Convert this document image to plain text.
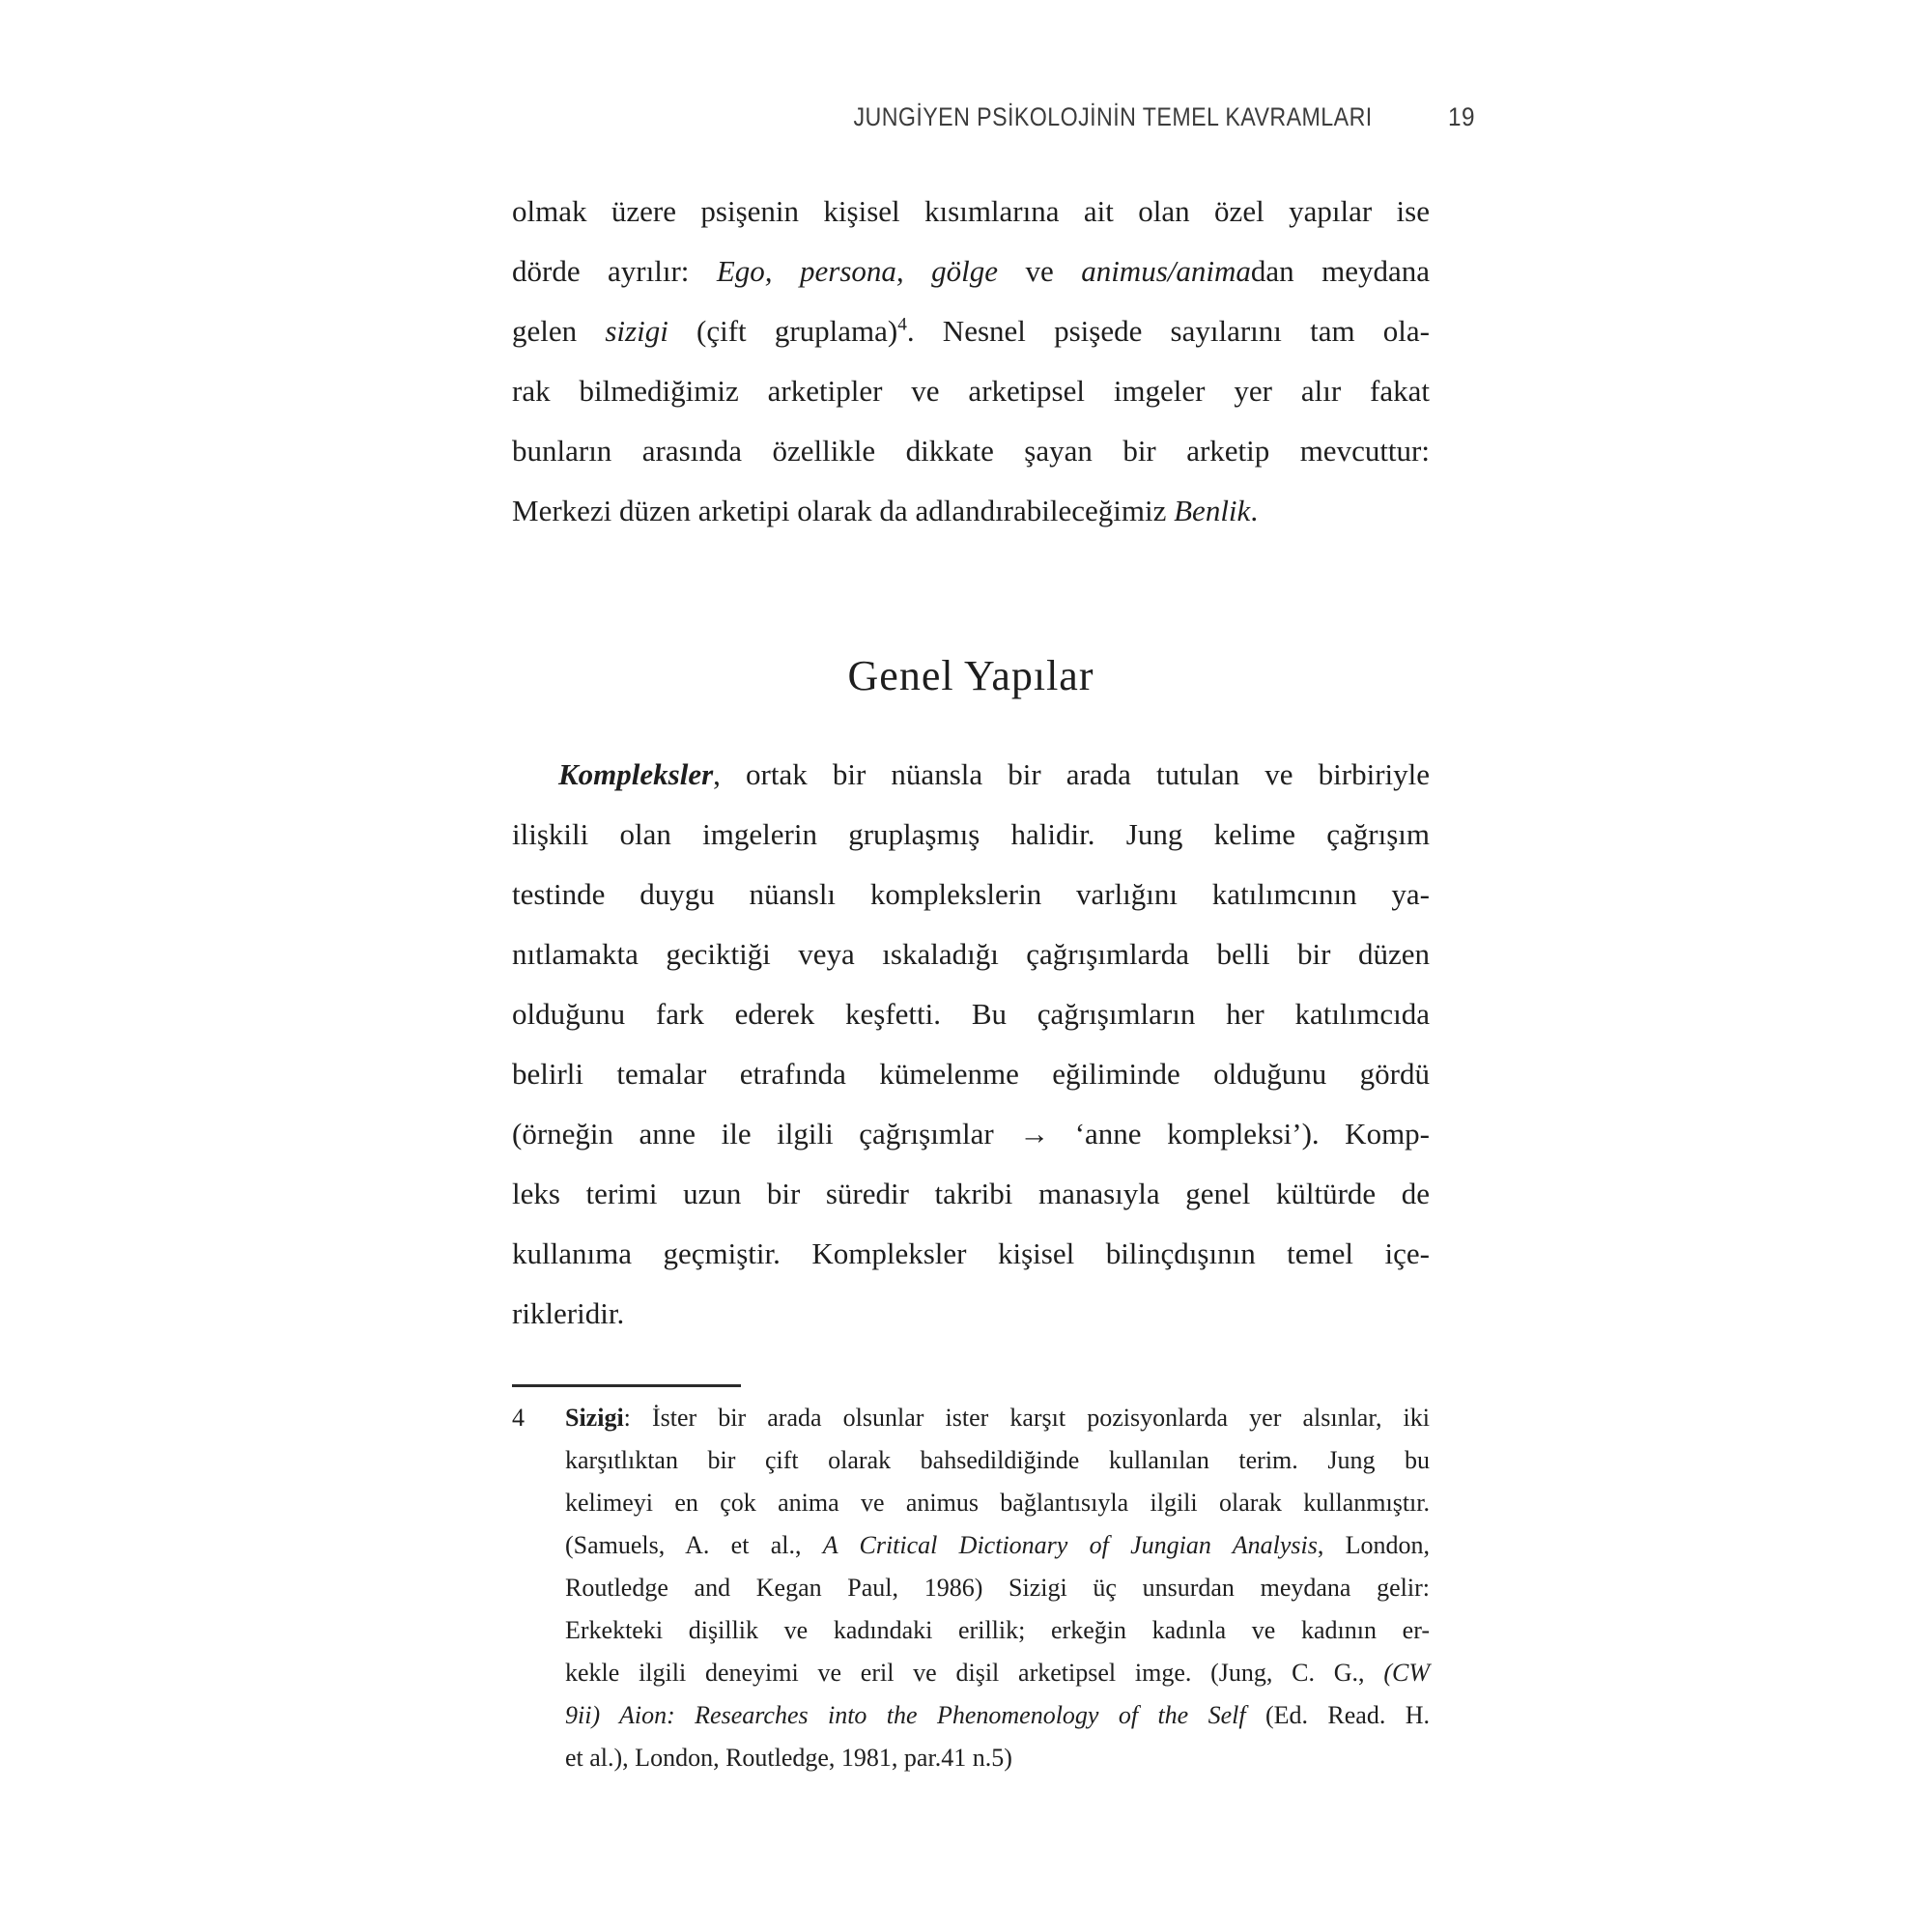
JUNGİYEN PSİKOLOJİNİN TEMEL KAVRAMLARI	19
olmak üzere psişenin kişisel kısımlarına ait olan özel yapılar ise
dörde ayrılır: Ego, persona, gölge ve animus/animadan meydana
gelen sizigi (çift gruplama)$^4$. Nesnel psişede sayılarını tam ola-
rak bilmediğimiz arketipler ve arketipsel imgeler yer alır fakat
bunların arasında özellikle dikkate şayan bir arketip mevcuttur:
Merkezi düzen arketipi olarak da adlandırabileceğimiz Benlik.
Genel Yapılar
Kompleksler, ortak bir nüansla bir arada tutulan ve birbiriyle
ilişkili olan imgelerin gruplaşmış halidir. Jung kelime çağrışım
testinde duygu nüanslı komplekslerin varlığını katılımcının ya-
nıtlamakta geciktiği veya ıskaladığı çağrışımlarda belli bir düzen
olduğunu fark ederek keşfetti. Bu çağrışımların her katılımcıda
belirli temalar etrafında kümelenme eğiliminde olduğunu gördü
(örneğin anne ile ilgili çağrışımlar → ‘anne kompleksi’). Komp-
leks terimi uzun bir süredir takribi manasıyla genel kültürde de
kullanıma geçmiştir. Kompleksler kişisel bilinçdışının temel içe-
rikleridir.
4 Sizigi: İster bir arada olsunlar ister karşıt pozisyonlarda yer alsınlar, iki
karşıtlıktan bir çift olarak bahsedildiğinde kullanılan terim. Jung bu
kelimeyi en çok anima ve animus bağlantısıyla ilgili olarak kullanmıştır.
(Samuels, A. et al., A Critical Dictionary of Jungian Analysis, London,
Routledge and Kegan Paul, 1986) Sizigi üç unsurdan meydana gelir:
Erkekteki dişillik ve kadındaki erillik; erkeğin kadınla ve kadının er-
kekle ilgili deneyimi ve eril ve dişil arketipsel imge. (Jung, C. G., (CW
9ii) Aion: Researches into the Phenomenology of the Self (Ed. Read. H.
et al.), London, Routledge, 1981, par.41 n.5)
